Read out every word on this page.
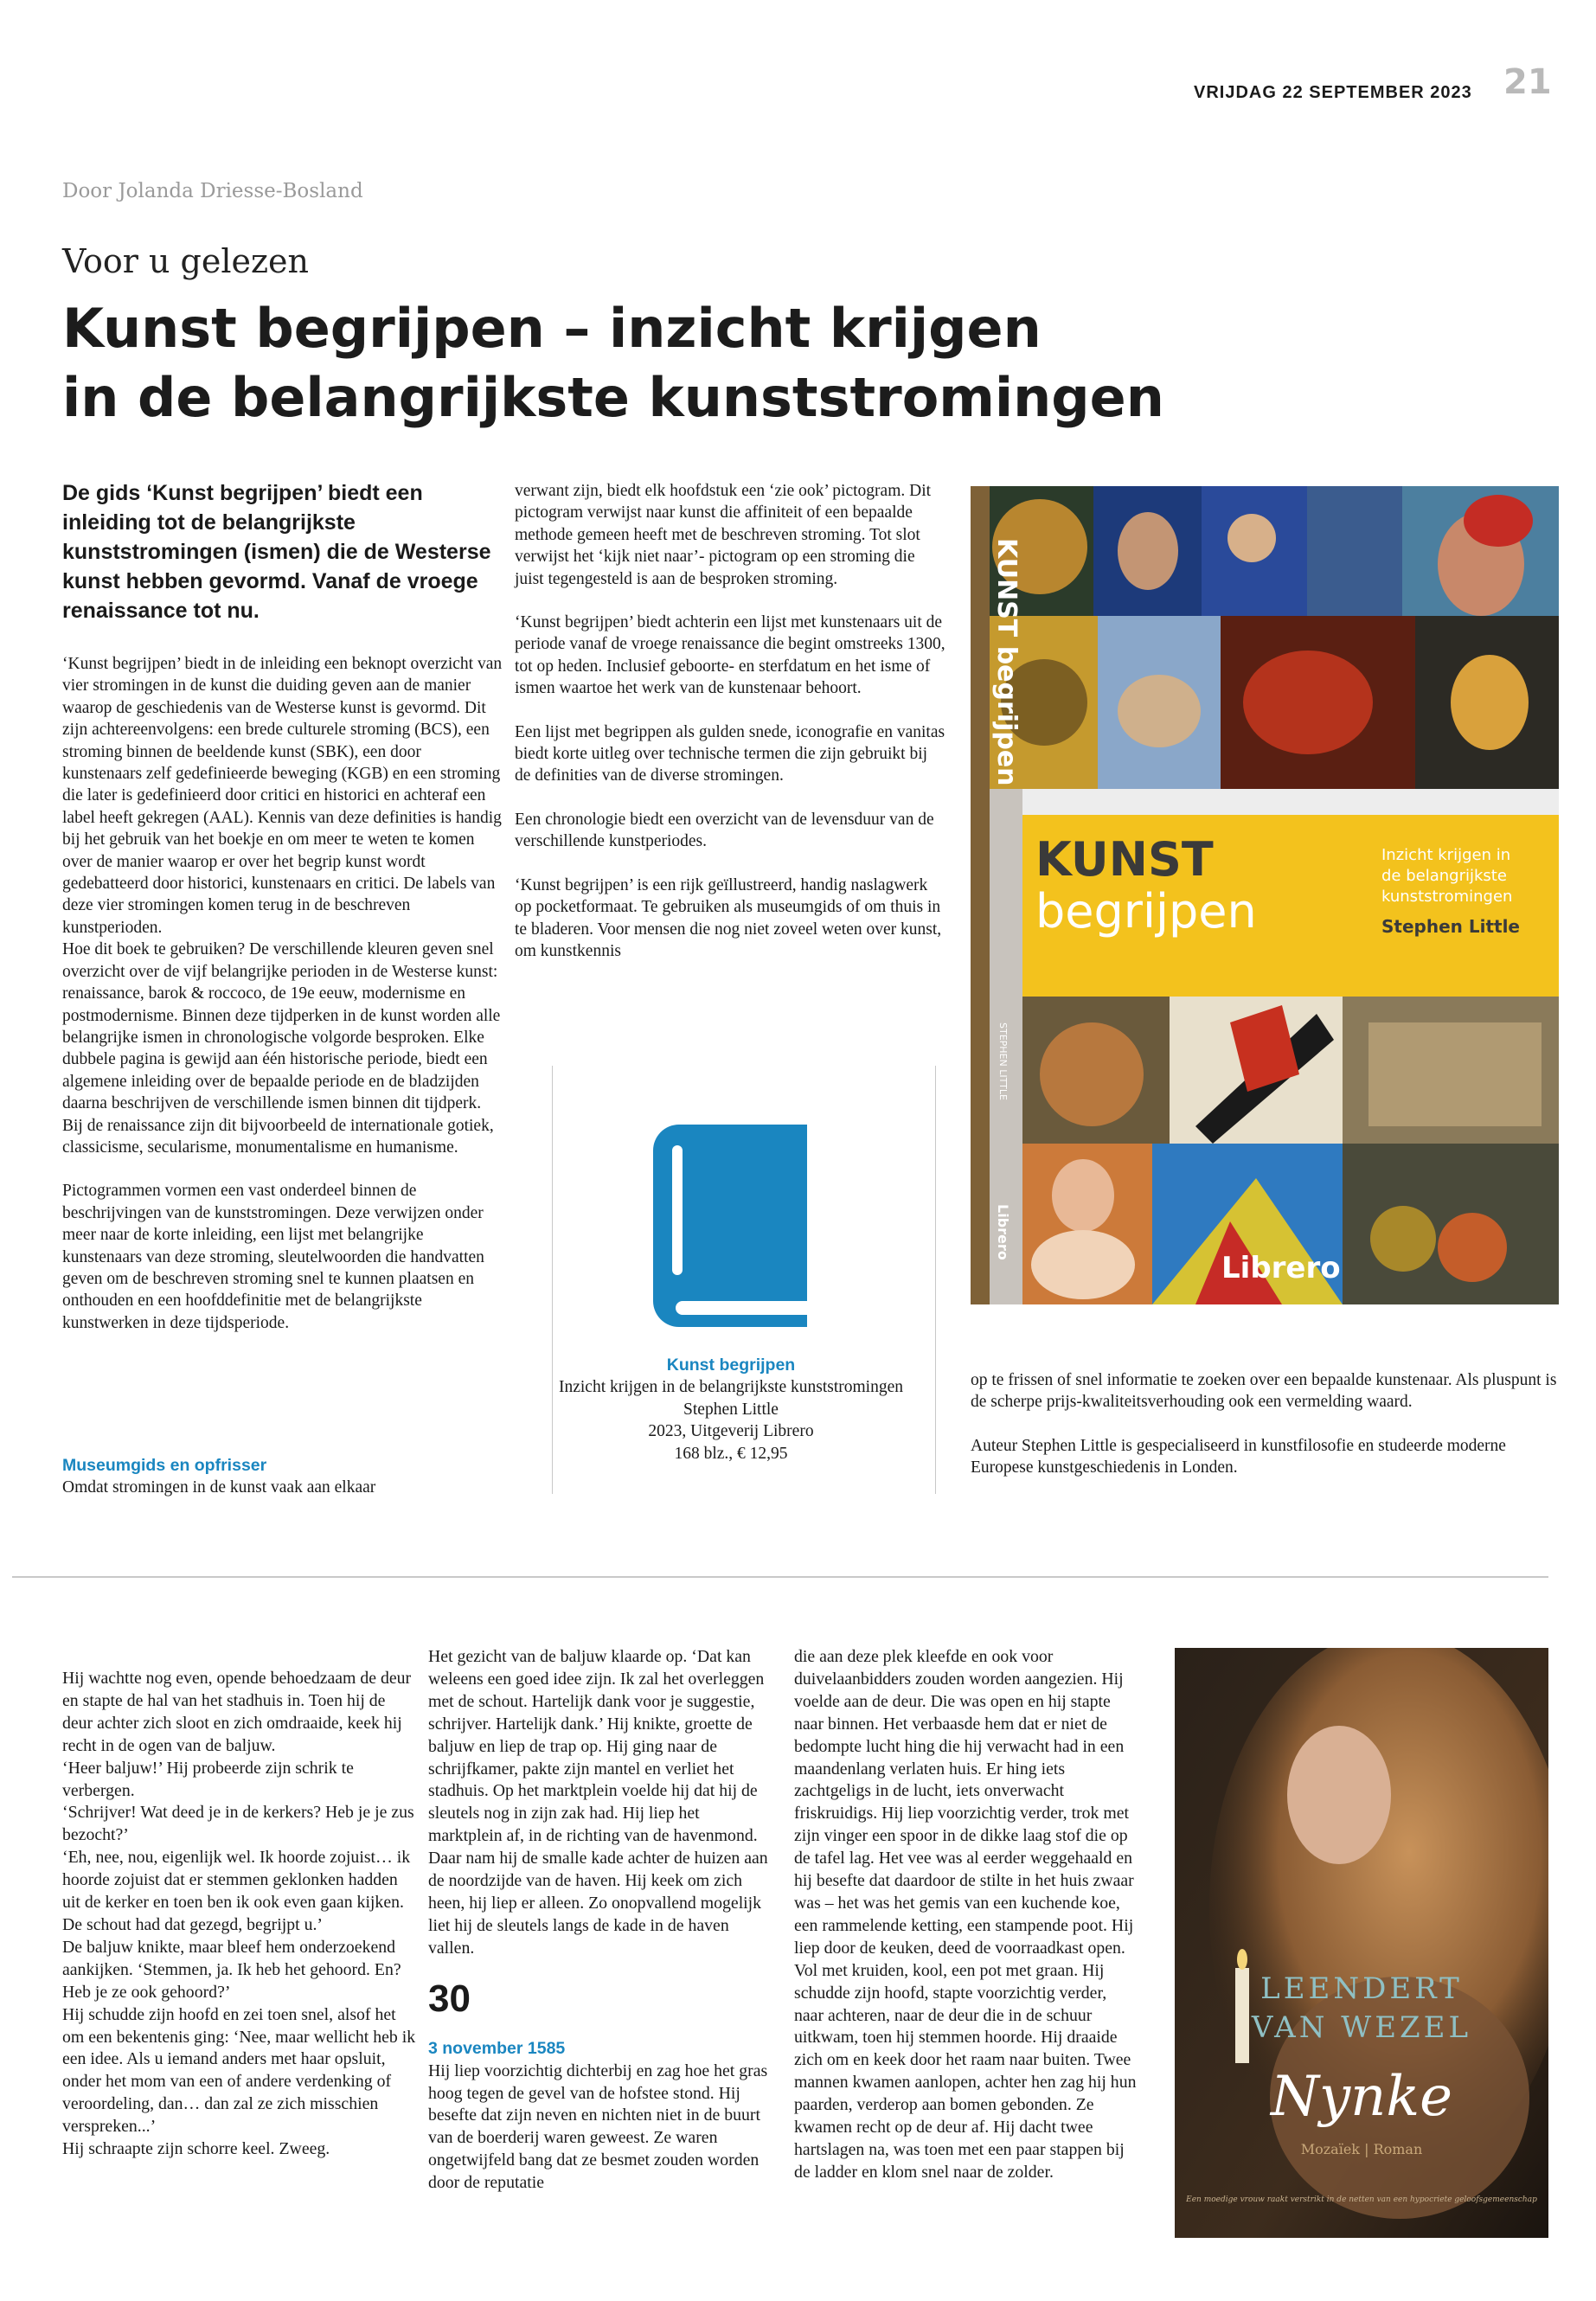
VRIJDAG 22 SEPTEMBER 2023 21
Door Jolanda Driesse-Bosland
Voor u gelezen
Kunst begrijpen – inzicht krijgen
in de belangrijkste kunststromingen
De gids ‘Kunst begrijpen’ biedt een inleiding tot de belangrijkste kunststromingen (ismen) die de Westerse kunst hebben gevormd. Vanaf de vroege renaissance tot nu.

‘Kunst begrijpen’ biedt in de inleiding een beknopt overzicht van vier stromingen in de kunst die duiding geven aan de manier waarop de geschiedenis van de Westerse kunst is gevormd. Dit zijn achtereenvolgens: een brede culturele stroming (BCS), een stroming binnen de beeldende kunst (SBK), een door kunstenaars zelf gedefinieerde beweging (KGB) en een stroming die later is gedefinieerd door critici en historici en achteraf een label heeft gekregen (AAL). Kennis van deze definities is handig bij het gebruik van het boekje en om meer te weten te komen over de manier waarop er over het begrip kunst wordt gedebatteerd door historici, kunstenaars en critici. De labels van deze vier stromingen komen terug in de beschreven kunstperioden.

Hoe dit boek te gebruiken? De verschillende kleuren geven snel overzicht over de vijf belangrijke perioden in de Westerse kunst: renaissance, barok & roccoco, de 19e eeuw, modernisme en postmodernisme. Binnen deze tijdperken in de kunst worden alle belangrijke ismen in chronologische volgorde besproken. Elke dubbele pagina is gewijd aan één historische periode, biedt een algemene inleiding over de bepaalde periode en de bladzijden daarna beschrijven de verschillende ismen binnen dit tijdperk. Bij de renaissance zijn dit bijvoorbeeld de internationale gotiek, classicisme, secularisme, monumentalisme en humanisme.

Pictogrammen vormen een vast onderdeel binnen de beschrijvingen van de kunststromingen. Deze verwijzen onder meer naar de korte inleiding, een lijst met belangrijke kunstenaars van deze stroming, sleutelwoorden die handvatten geven om de beschreven stroming snel te kunnen plaatsen en onthouden en een hoofddefinitie met de belangrijkste kunstwerken in deze tijdsperiode.

Museumgids en opfrisser
Omdat stromingen in de kunst vaak aan elkaar

verwant zijn, biedt elk hoofdstuk een ‘zie ook’ pictogram. Dit pictogram verwijst naar kunst die affiniteit of een bepaalde methode gemeen heeft met de beschreven stroming. Tot slot verwijst het ‘kijk niet naar’- pictogram op een stroming die juist tegengesteld is aan de besproken stroming.

‘Kunst begrijpen’ biedt achterin een lijst met kunstenaars uit de periode vanaf de vroege renaissance die begint omstreeks 1300, tot op heden. Inclusief geboorte- en sterfdatum en het isme of ismen waartoe het werk van de kunstenaar behoort.

Een lijst met begrippen als gulden snede, iconografie en vanitas biedt korte uitleg over technische termen die zijn gebruikt bij de definities van de diverse stromingen.

Een chronologie biedt een overzicht van de levensduur van de verschillende kunstperiodes.

‘Kunst begrijpen’ is een rijk geïllustreerd, handig naslagwerk op pocketformaat. Te gebruiken als museumgids of om thuis in te bladeren. Voor mensen die nog niet zoveel weten over kunst, om kunstkennis

Kunst begrijpen
Inzicht krijgen in de belangrijkste kunststromingen
Stephen Little
2023, Uitgeverij Librero
168 blz., € 12,95
KUNST
begrijpen
Inzicht krijgen in
de belangrijkste
kunststromingen
Stephen Little
Librero
KUNST begrijpen
STEPHEN LITTLE
Librero

op te frissen of snel informatie te zoeken over een bepaalde kunstenaar. Als pluspunt is de scherpe prijs-kwaliteitsverhouding ook een vermelding waard.

Auteur Stephen Little is gespecialiseerd in kunstfilosofie en studeerde moderne Europese kunstgeschiedenis in Londen.

Hij wachtte nog even, opende behoedzaam de deur en stapte de hal van het stadhuis in. Toen hij de deur achter zich sloot en zich omdraaide, keek hij recht in de ogen van de baljuw.
‘Heer baljuw!’ Hij probeerde zijn schrik te verbergen.
‘Schrijver! Wat deed je in de kerkers? Heb je je zus bezocht?’
‘Eh, nee, nou, eigenlijk wel. Ik hoorde zojuist… ik hoorde zojuist dat er stemmen geklonken hadden uit de kerker en toen ben ik ook even gaan kijken. De schout had dat gezegd, begrijpt u.’
De baljuw knikte, maar bleef hem onderzoekend aankijken. ‘Stemmen, ja. Ik heb het gehoord. En? Heb je ze ook gehoord?’
Hij schudde zijn hoofd en zei toen snel, alsof het om een bekentenis ging: ‘Nee, maar wellicht heb ik een idee. Als u iemand anders met haar opsluit, onder het mom van een of andere verdenking of veroordeling, dan… dan zal ze zich misschien verspreken...’
Hij schraapte zijn schorre keel. Zweeg.
Het gezicht van de baljuw klaarde op. ‘Dat kan weleens een goed idee zijn. Ik zal het overleggen met de schout. Hartelijk dank voor je suggestie, schrijver. Hartelijk dank.’ Hij knikte, groette de baljuw en liep de trap op. Hij ging naar de schrijfkamer, pakte zijn mantel en verliet het stadhuis. Op het marktplein voelde hij dat hij de sleutels nog in zijn zak had. Hij liep het marktplein af, in de richting van de havenmond. Daar nam hij de smalle kade achter de huizen aan de noordzijde van de haven. Hij keek om zich heen, hij liep er alleen. Zo onopvallend mogelijk liet hij de sleutels langs de kade in de haven vallen.
30
3 november 1585
Hij liep voorzichtig dichterbij en zag hoe het gras hoog tegen de gevel van de hofstee stond. Hij besefte dat zijn neven en nichten niet in de buurt van de boerderij waren geweest. Ze waren ongetwijfeld bang dat ze besmet zouden worden door de reputatie
die aan deze plek kleefde en ook voor duivelaanbidders zouden worden aangezien. Hij voelde aan de deur. Die was open en hij stapte naar binnen. Het verbaasde hem dat er niet de bedompte lucht hing die hij verwacht had in een maandenlang verlaten huis. Er hing iets zachtgeligs in de lucht, iets onverwacht friskruidigs. Hij liep voorzichtig verder, trok met zijn vinger een spoor in de dikke laag stof die op de tafel lag. Het vee was al eerder weggehaald en hij besefte dat daardoor de stilte in het huis zwaar was – het was het gemis van een kuchende koe, een rammelende ketting, een stampende poot. Hij liep door de keuken, deed de voorraadkast open. Vol met kruiden, kool, een pot met graan. Hij schudde zijn hoofd, stapte voorzichtig verder, naar achteren, naar de deur die in de schuur uitkwam, toen hij stemmen hoorde. Hij draaide zich om en keek door het raam naar buiten. Twee mannen kwamen aanlopen, achter hen zag hij hun paarden, verderop aan bomen gebonden. Ze kwamen recht op de deur af. Hij dacht twee hartslagen na, was toen met een paar stappen bij de ladder en klom snel naar de zolder.
LEENDERT
VAN WEZEL
Nynke
Mozaïek | Roman
Een moedige vrouw raakt verstrikt in de netten van een hypocriete geloofsgemeenschap
